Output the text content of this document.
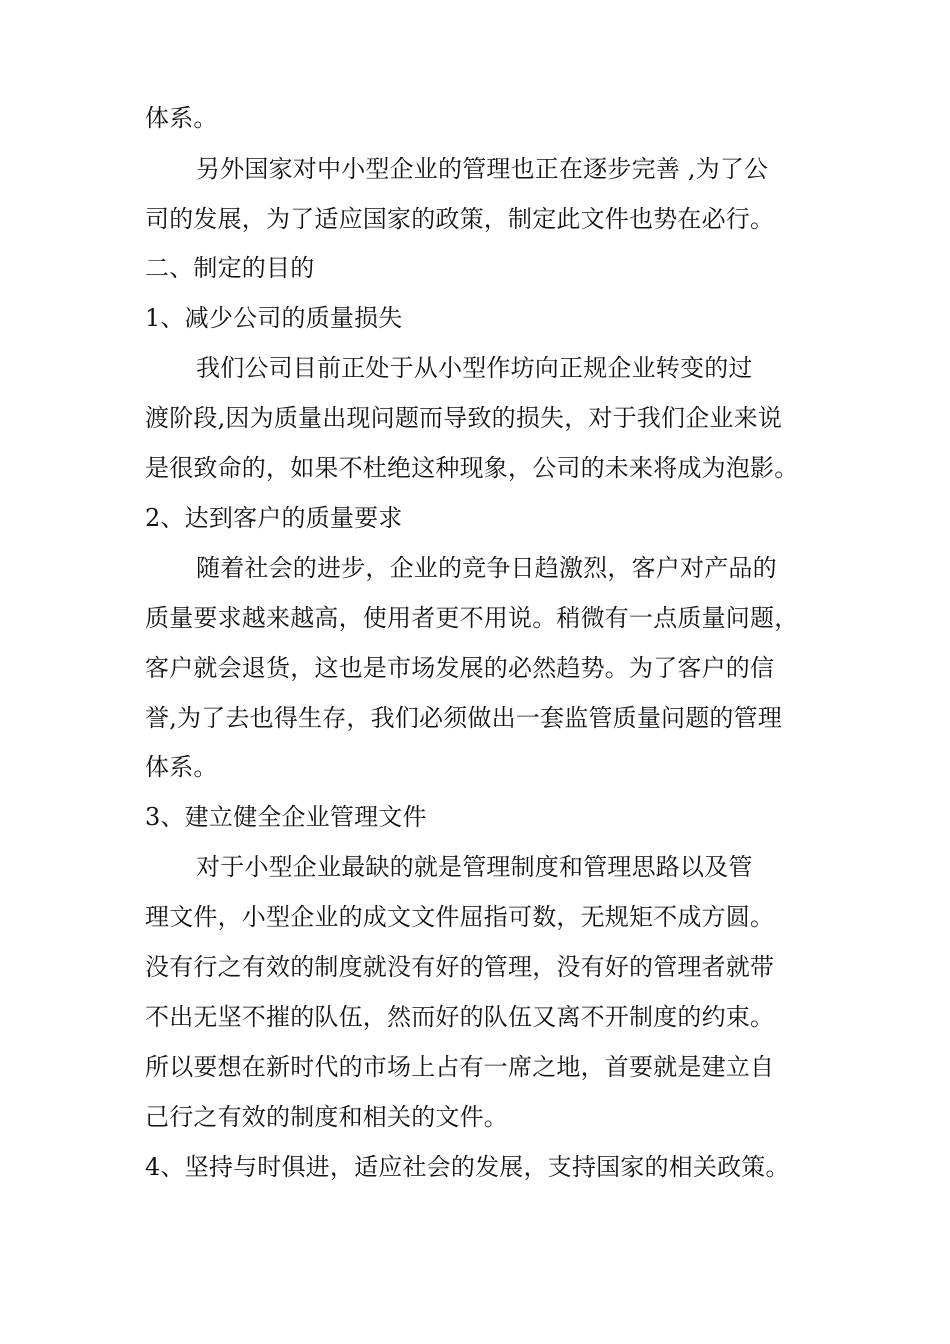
体系。
另外国家对中小型企业的管理也正在逐步完善 ,为了公
司的发展，为了适应国家的政策，制定此文件也势在必行。
二、制定的目的
1、减少公司的质量损失
我们公司目前正处于从小型作坊向正规企业转变的过
渡阶段,因为质量出现问题而导致的损失，对于我们企业来说
是很致命的，如果不杜绝这种现象，公司的未来将成为泡影。
2、达到客户的质量要求
随着社会的进步，企业的竞争日趋激烈，客户对产品的
质量要求越来越高，使用者更不用说。稍微有一点质量问题，
客户就会退货，这也是市场发展的必然趋势。为了客户的信
誉,为了去也得生存，我们必须做出一套监管质量问题的管理
体系。
3、建立健全企业管理文件
对于小型企业最缺的就是管理制度和管理思路以及管
理文件，小型企业的成文文件屈指可数，无规矩不成方圆。
没有行之有效的制度就没有好的管理，没有好的管理者就带
不出无坚不摧的队伍，然而好的队伍又离不开制度的约束。
所以要想在新时代的市场上占有一席之地，首要就是建立自
己行之有效的制度和相关的文件。
4、坚持与时俱进，适应社会的发展，支持国家的相关政策。
